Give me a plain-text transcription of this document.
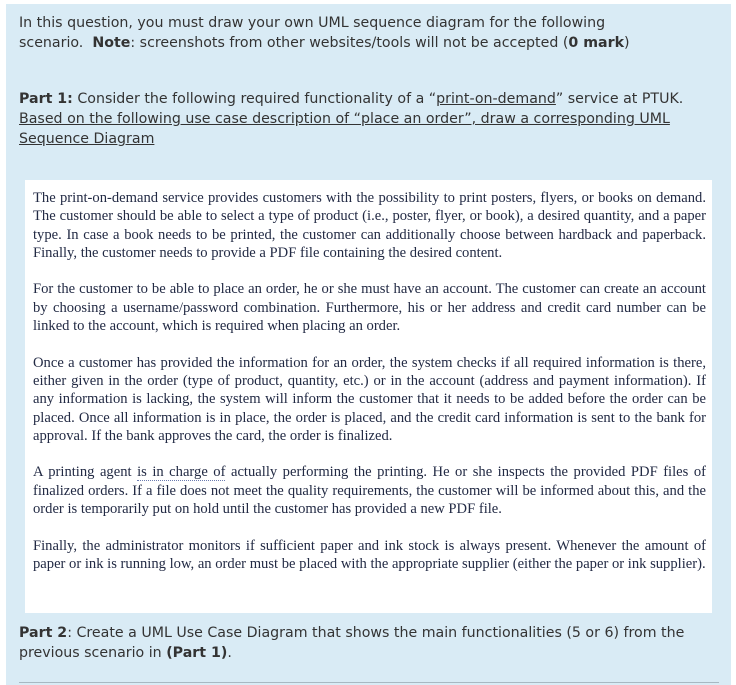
In this question, you must draw your own UML sequence diagram for the following scenario. Note: screenshots from other websites/tools will not be accepted (0 mark)
Part 1: Consider the following required functionality of a “print-on-demand” service at PTUK.
Based on the following use case description of “place an order”, draw a corresponding UML Sequence Diagram

The print-on-demand service provides customers with the possibility to print posters, flyers, or books on demand. The customer should be able to select a type of product (i.e., poster, flyer, or book), a desired quantity, and a paper type. In case a book needs to be printed, the customer can additionally choose between hardback and paperback. Finally, the customer needs to provide a PDF file containing the desired content.

For the customer to be able to place an order, he or she must have an account. The customer can create an account by choosing a username/password combination. Furthermore, his or her address and credit card number can be linked to the account, which is required when placing an order.

Once a customer has provided the information for an order, the system checks if all required information is there, either given in the order (type of product, quantity, etc.) or in the account (address and payment information). If any information is lacking, the system will inform the customer that it needs to be added before the order can be placed. Once all information is in place, the order is placed, and the credit card information is sent to the bank for approval. If the bank approves the card, the order is finalized.

A printing agent is in charge of actually performing the printing. He or she inspects the provided PDF files of finalized orders. If a file does not meet the quality requirements, the customer will be informed about this, and the order is temporarily put on hold until the customer has provided a new PDF file.

Finally, the administrator monitors if sufficient paper and ink stock is always present. Whenever the amount of paper or ink is running low, an order must be placed with the appropriate supplier (either the paper or ink supplier).

Part 2: Create a UML Use Case Diagram that shows the main functionalities (5 or 6) from the previous scenario in (Part 1).
